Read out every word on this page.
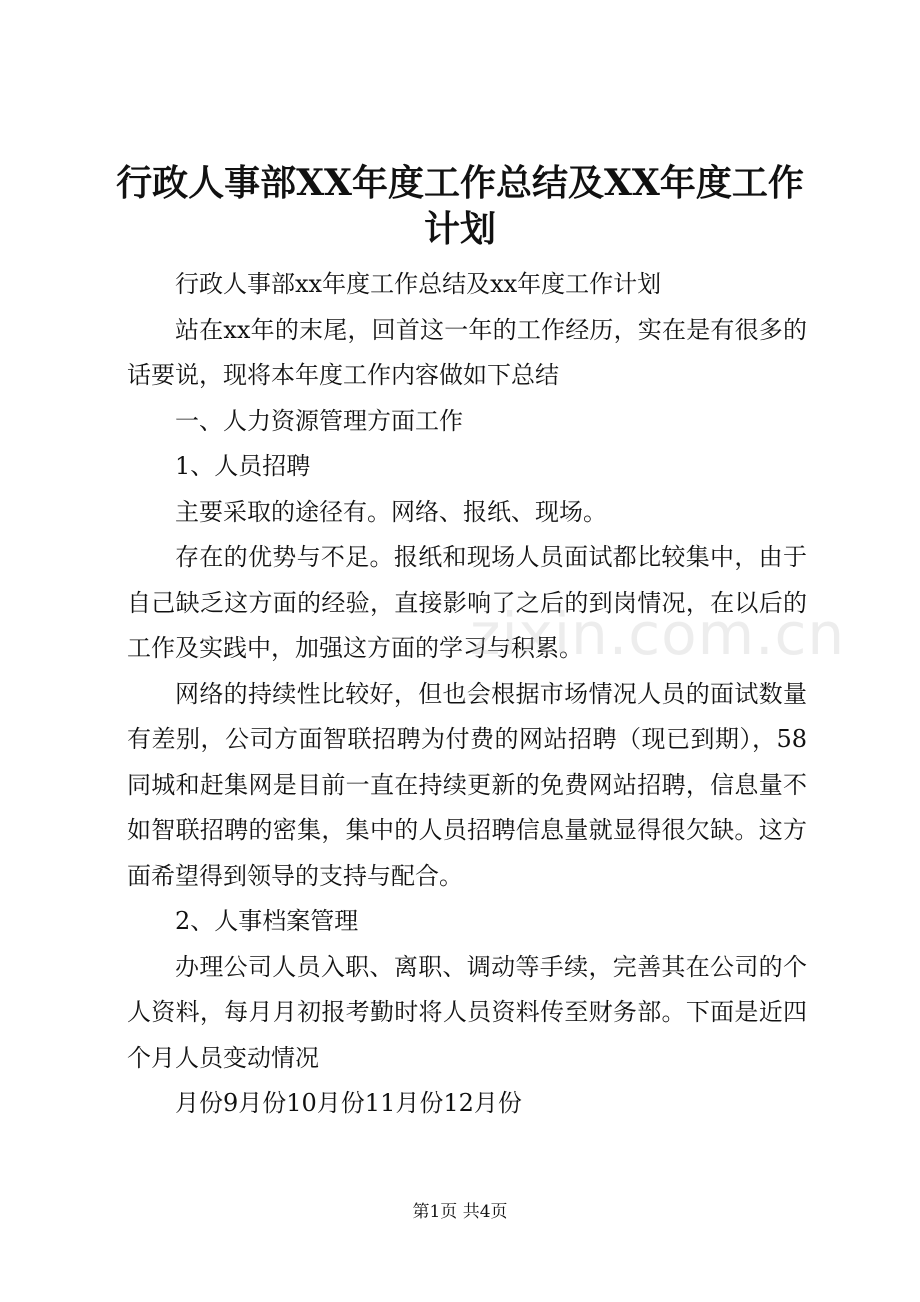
行政人事部XX年度工作总结及XX年度工作计划

行政人事部xx年度工作总结及xx年度工作计划

站在xx年的末尾，回首这一年的工作经历，实在是有很多的话要说，现将本年度工作内容做如下总结

一、人力资源管理方面工作

1、人员招聘

主要采取的途径有。网络、报纸、现场。

存在的优势与不足。报纸和现场人员面试都比较集中，由于自己缺乏这方面的经验，直接影响了之后的到岗情况，在以后的工作及实践中，加强这方面的学习与积累。

网络的持续性比较好，但也会根据市场情况人员的面试数量有差别，公司方面智联招聘为付费的网站招聘（现已到期），58同城和赶集网是目前一直在持续更新的免费网站招聘，信息量不如智联招聘的密集，集中的人员招聘信息量就显得很欠缺。这方面希望得到领导的支持与配合。

2、人事档案管理

办理公司人员入职、离职、调动等手续，完善其在公司的个人资料，每月月初报考勤时将人员资料传至财务部。下面是近四个月人员变动情况

月份9月份10月份11月份12月份

zixin.com.cn
第1页 共4页
